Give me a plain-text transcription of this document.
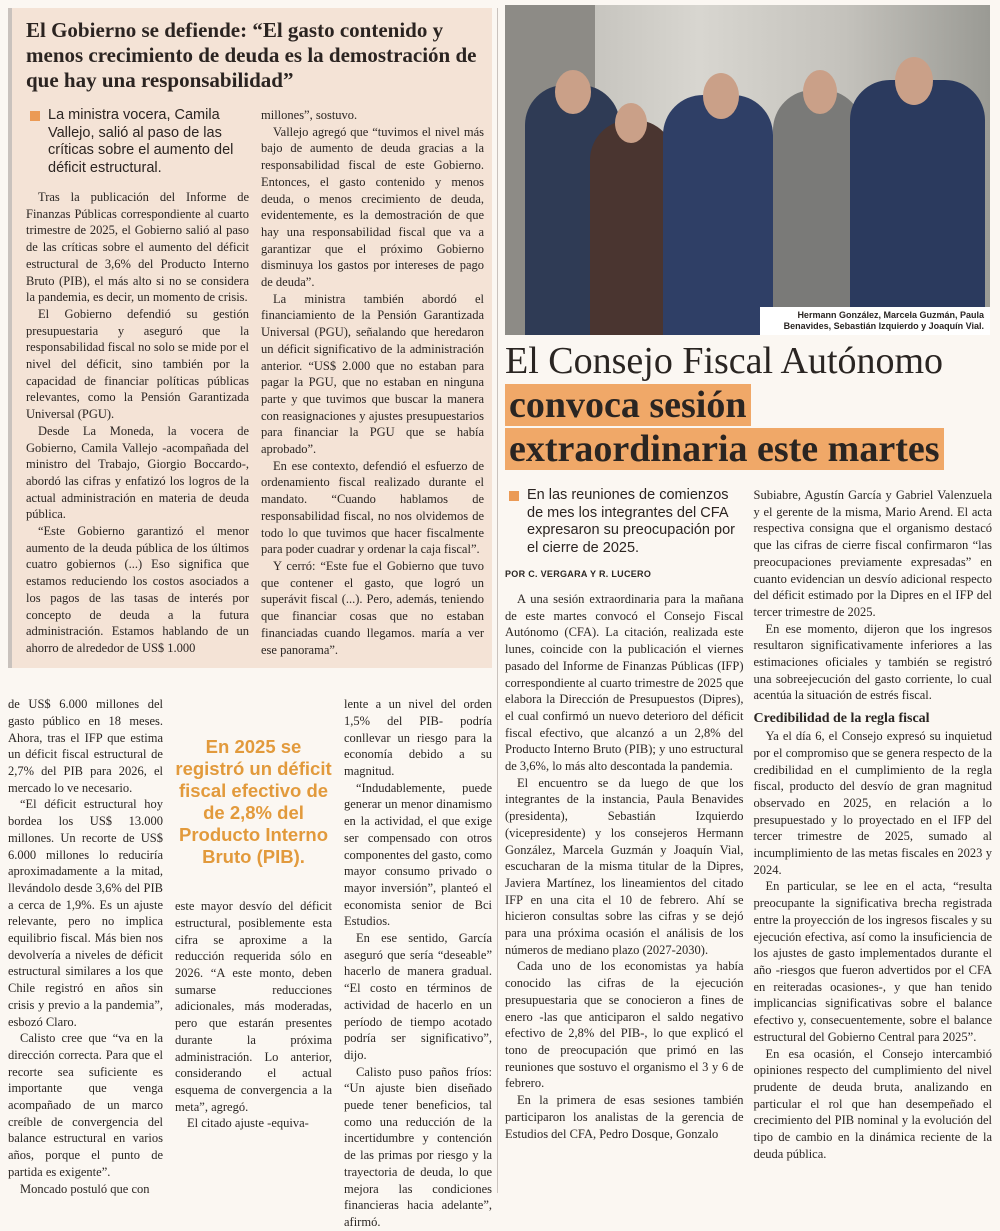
El Gobierno se defiende: “El gasto contenido y menos crecimiento de deuda es la demostración de que hay una responsabilidad”
La ministra vocera, Camila Vallejo, salió al paso de las críticas sobre el aumento del déficit estructural.

Tras la publicación del Informe de Finanzas Públicas correspondiente al cuarto trimestre de 2025, el Gobierno salió al paso de las críticas sobre el aumento del déficit estructural de 3,6% del Producto Interno Bruto (PIB), el más alto si no se considera la pandemia, es decir, un momento de crisis.

El Gobierno defendió su gestión presupuestaria y aseguró que la responsabilidad fiscal no solo se mide por el nivel del déficit, sino también por la capacidad de financiar políticas públicas relevantes, como la Pensión Garantizada Universal (PGU).

Desde La Moneda, la vocera de Gobierno, Camila Vallejo -acompañada del ministro del Trabajo, Giorgio Boccardo-, abordó las cifras y enfatizó los logros de la actual administración en materia de deuda pública.

“Este Gobierno garantizó el menor aumento de la deuda pública de los últimos cuatro gobiernos (...) Eso significa que estamos reduciendo los costos asociados a los pagos de las tasas de interés por concepto de deuda a la futura administración. Estamos hablando de un ahorro de alrededor de US$ 1.000

millones”, sostuvo.

Vallejo agregó que “tuvimos el nivel más bajo de aumento de deuda gracias a la responsabilidad fiscal de este Gobierno. Entonces, el gasto contenido y menos deuda, o menos crecimiento de deuda, evidentemente, es la demostración de que hay una responsabilidad fiscal que va a garantizar que el próximo Gobierno disminuya los gastos por intereses de pago de deuda”.

La ministra también abordó el financiamiento de la Pensión Garantizada Universal (PGU), señalando que heredaron un déficit significativo de la administración anterior. “US$ 2.000 que no estaban para pagar la PGU, que no estaban en ninguna parte y que tuvimos que buscar la manera con reasignaciones y ajustes presupuestarios para financiar la PGU que se había aprobado”.

En ese contexto, defendió el esfuerzo de ordenamiento fiscal realizado durante el mandato. “Cuando hablamos de responsabilidad fiscal, no nos olvidemos de todo lo que tuvimos que hacer fiscalmente para poder cuadrar y ordenar la caja fiscal”.

Y cerró: “Este fue el Gobierno que tuvo que contener el gasto, que logró un superávit fiscal (...). Pero, además, teniendo que financiar cosas que no estaban financiadas cuando llegamos. maría a ver ese panorama”.

de US$ 6.000 millones del gasto público en 18 meses. Ahora, tras el IFP que estima un déficit fiscal estructural de 2,7% del PIB para 2026, el mercado lo ve necesario.

“El déficit estructural hoy bordea los US$ 13.000 millones. Un recorte de US$ 6.000 millones lo reduciría aproximadamente a la mitad, llevándolo desde 3,6% del PIB a cerca de 1,9%. Es un ajuste relevante, pero no implica equilibrio fiscal. Más bien nos devolvería a niveles de déficit estructural similares a los que Chile registró en años sin crisis y previo a la pandemia”, esbozó Claro.

Calisto cree que “va en la dirección correcta. Para que el recorte sea suficiente es importante que venga acompañado de un marco creíble de convergencia del balance estructural en varios años, porque el punto de partida es exigente”.

Moncado postuló que con

En 2025 se registró un déficit fiscal efectivo de de 2,8% del Producto Interno Bruto (PIB).

este mayor desvío del déficit estructural, posiblemente esta cifra se aproxime a la reducción requerida sólo en 2026. “A este monto, deben sumarse reducciones adicionales, más moderadas, pero que estarán presentes durante la próxima administración. Lo anterior, considerando el actual esquema de convergencia a la meta”, agregó.

El citado ajuste -equiva-

lente a un nivel del orden 1,5% del PIB- podría conllevar un riesgo para la economía debido a su magnitud.

“Indudablemente, puede generar un menor dinamismo en la actividad, el que exige ser compensado con otros componentes del gasto, como mayor consumo privado o mayor inversión”, planteó el economista senior de Bci Estudios.

En ese sentido, García aseguró que sería “deseable” hacerlo de manera gradual. “El costo en términos de actividad de hacerlo en un período de tiempo acotado podría ser significativo”, dijo.

Calisto puso paños fríos: “Un ajuste bien diseñado puede tener beneficios, tal como una reducción de la incertidumbre y contención de las primas por riesgo y la trayectoria de deuda, lo que mejora las condiciones financieras hacia adelante”, afirmó.

Hermann González, Marcela Guzmán, Paula Benavides, Sebastián Izquierdo y Joaquín Vial.
El Consejo Fiscal Autónomo convoca sesión extraordinaria este martes
En las reuniones de comienzos de mes los integrantes del CFA expresaron su preocupación por el cierre de 2025.
POR C. VERGARA Y R. LUCERO

A una sesión extraordinaria para la mañana de este martes convocó el Consejo Fiscal Autónomo (CFA). La citación, realizada este lunes, coincide con la publicación el viernes pasado del Informe de Finanzas Públicas (IFP) correspondiente al cuarto trimestre de 2025 que elabora la Dirección de Presupuestos (Dipres), el cual confirmó un nuevo deterioro del déficit fiscal efectivo, que alcanzó a un 2,8% del Producto Interno Bruto (PIB); y uno estructural de 3,6%, lo más alto descontada la pandemia.

El encuentro se da luego de que los integrantes de la instancia, Paula Benavides (presidenta), Sebastián Izquierdo (vicepresidente) y los consejeros Hermann González, Marcela Guzmán y Joaquín Vial, escucharan de la misma titular de la Dipres, Javiera Martínez, los lineamientos del citado IFP en una cita el 10 de febrero. Ahí se hicieron consultas sobre las cifras y se dejó para una próxima ocasión el análisis de los números de mediano plazo (2027-2030).

Cada uno de los economistas ya había conocido las cifras de la ejecución presupuestaria que se conocieron a fines de enero -las que anticiparon el saldo negativo efectivo de 2,8% del PIB-, lo que explicó el tono de preocupación que primó en las reuniones que sostuvo el organismo el 3 y 6 de febrero.

En la primera de esas sesiones también participaron los analistas de la gerencia de Estudios del CFA, Pedro Dosque, Gonzalo

Subiabre, Agustín García y Gabriel Valenzuela y el gerente de la misma, Mario Arend. El acta respectiva consigna que el organismo destacó que las cifras de cierre fiscal confirmaron “las preocupaciones previamente expresadas” en cuanto evidencian un desvío adicional respecto del déficit estimado por la Dipres en el IFP del tercer trimestre de 2025.

En ese momento, dijeron que los ingresos resultaron significativamente inferiores a las estimaciones oficiales y también se registró una sobreejecución del gasto corriente, lo cual acentúa la situación de estrés fiscal.

Credibilidad de la regla fiscal

Ya el día 6, el Consejo expresó su inquietud por el compromiso que se genera respecto de la credibilidad en el cumplimiento de la regla fiscal, producto del desvío de gran magnitud observado en 2025, en relación a lo presupuestado y lo proyectado en el IFP del tercer trimestre de 2025, sumado al incumplimiento de las metas fiscales en 2023 y 2024.

En particular, se lee en el acta, “resulta preocupante la significativa brecha registrada entre la proyección de los ingresos fiscales y su ejecución efectiva, así como la insuficiencia de los ajustes de gasto implementados durante el año -riesgos que fueron advertidos por el CFA en reiteradas ocasiones-, y que han tenido implicancias significativas sobre el balance efectivo y, consecuentemente, sobre el balance estructural del Gobierno Central para 2025”.

En esa ocasión, el Consejo intercambió opiniones respecto del cumplimiento del nivel prudente de deuda bruta, analizando en particular el rol que han desempeñado el crecimiento del PIB nominal y la evolución del tipo de cambio en la dinámica reciente de la deuda pública.
